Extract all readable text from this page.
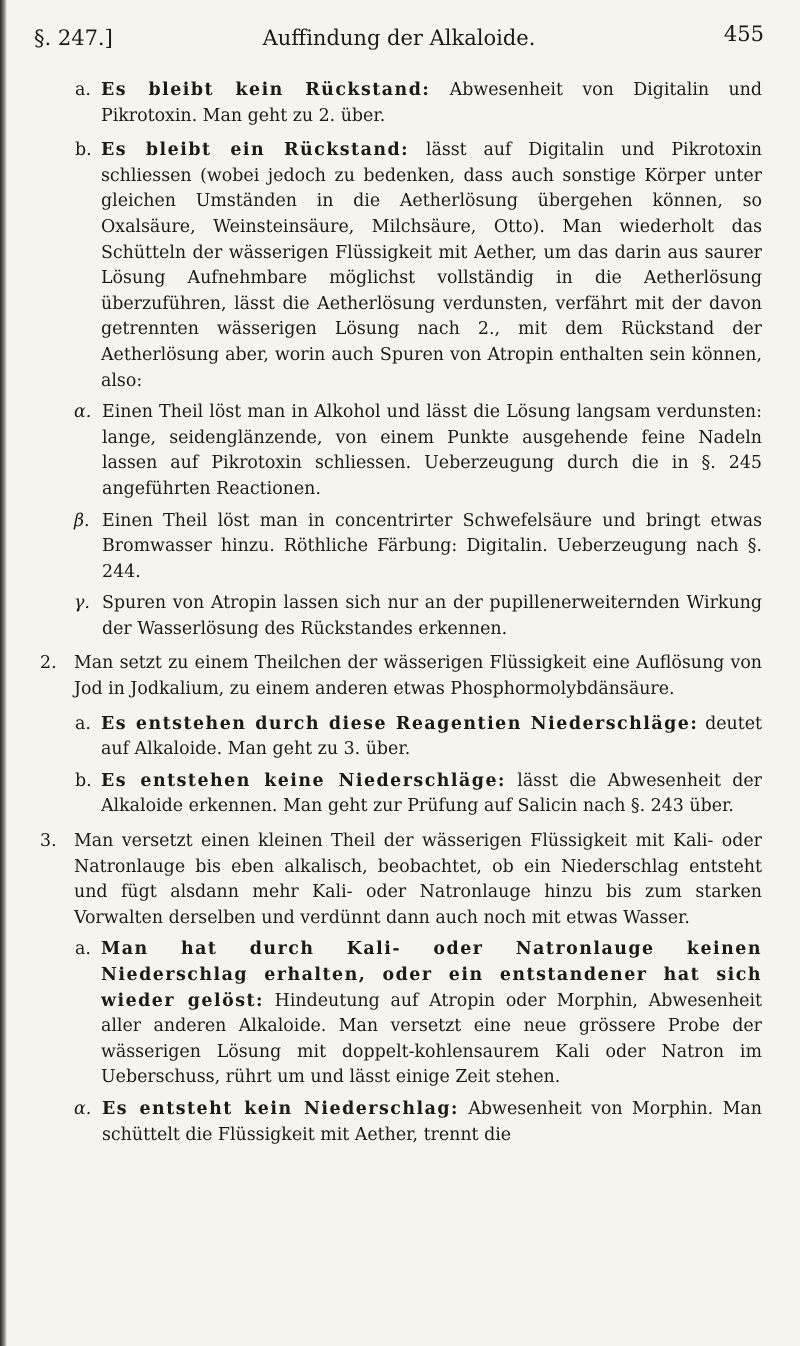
§. 247.]	Auffindung der Alkaloide.	455
a. Es bleibt kein Rückstand: Abwesenheit von Digitalin und Pikrotoxin. Man geht zu 2. über.
b. Es bleibt ein Rückstand: lässt auf Digitalin und Pikrotoxin schliessen (wobei jedoch zu bedenken, dass auch sonstige Körper unter gleichen Umständen in die Aetherlösung übergehen können, so Oxalsäure, Weinsteinsäure, Milchsäure, Otto). Man wiederholt das Schütteln der wässerigen Flüssigkeit mit Aether, um das darin aus saurer Lösung Aufnehmbare möglichst vollständig in die Aetherlösung überzuführen, lässt die Aetherlösung verdunsten, verfährt mit der davon getrennten wässerigen Lösung nach 2., mit dem Rückstand der Aetherlösung aber, worin auch Spuren von Atropin enthalten sein können, also:
α. Einen Theil löst man in Alkohol und lässt die Lösung langsam verdunsten: lange, seidenglänzende, von einem Punkte ausgehende feine Nadeln lassen auf Pikrotoxin schliessen. Ueberzeugung durch die in §. 245 angeführten Reactionen.
β. Einen Theil löst man in concentrirter Schwefelsäure und bringt etwas Bromwasser hinzu. Röthliche Färbung: Digitalin. Ueberzeugung nach §. 244.
γ. Spuren von Atropin lassen sich nur an der pupillenerweiternden Wirkung der Wasserlösung des Rückstandes erkennen.
2. Man setzt zu einem Theilchen der wässerigen Flüssigkeit eine Auflösung von Jod in Jodkalium, zu einem anderen etwas Phosphormolybdänsäure.
a. Es entstehen durch diese Reagentien Niederschläge: deutet auf Alkaloide. Man geht zu 3. über.
b. Es entstehen keine Niederschläge: lässt die Abwesenheit der Alkaloide erkennen. Man geht zur Prüfung auf Salicin nach §. 243 über.
3. Man versetzt einen kleinen Theil der wässerigen Flüssigkeit mit Kali- oder Natronlauge bis eben alkalisch, beobachtet, ob ein Niederschlag entsteht und fügt alsdann mehr Kali- oder Natronlauge hinzu bis zum starken Vorwalten derselben und verdünnt dann auch noch mit etwas Wasser.
a. Man hat durch Kali- oder Natronlauge keinen Niederschlag erhalten, oder ein entstandener hat sich wieder gelöst: Hindeutung auf Atropin oder Morphin, Abwesenheit aller anderen Alkaloide. Man versetzt eine neue grössere Probe der wässerigen Lösung mit doppelt-kohlensaurem Kali oder Natron im Ueberschuss, rührt um und lässt einige Zeit stehen.
α. Es entsteht kein Niederschlag: Abwesenheit von Morphin. Man schüttelt die Flüssigkeit mit Aether, trennt die
